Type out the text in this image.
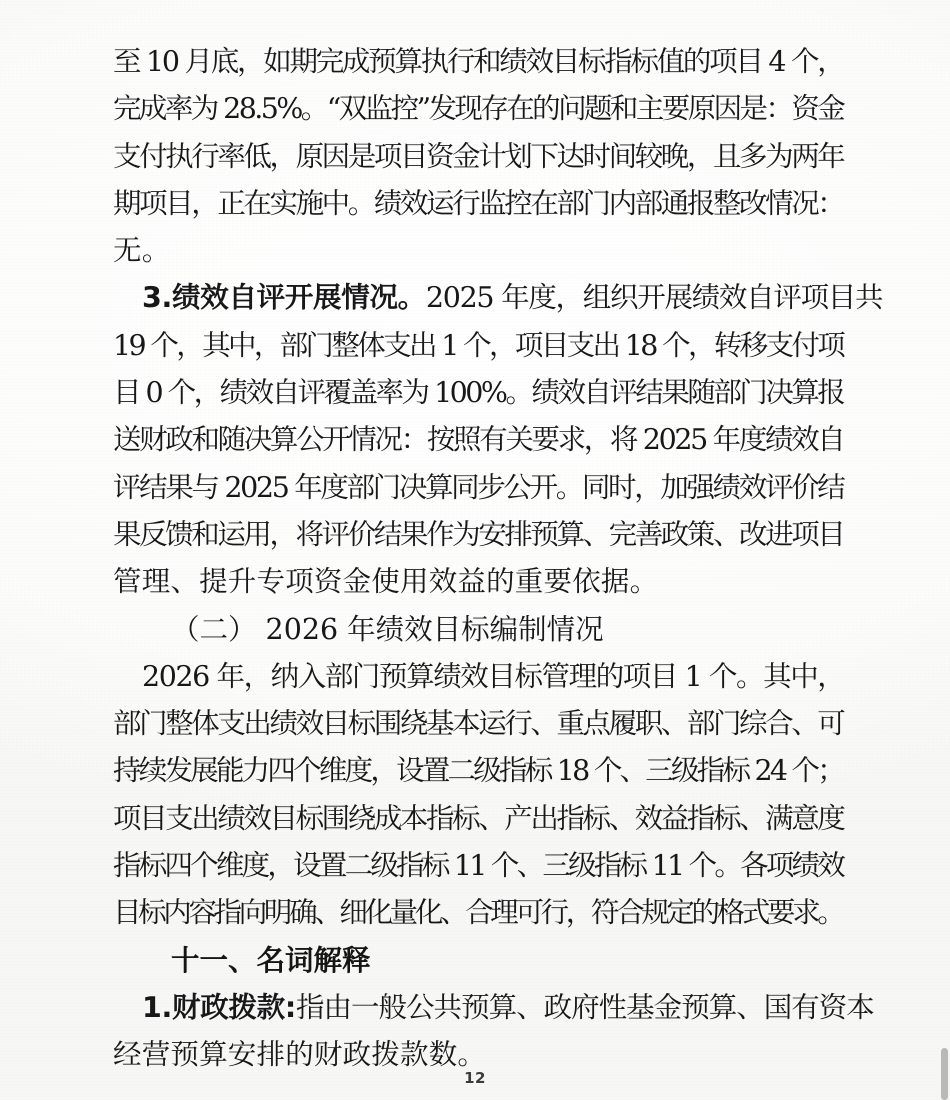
至 10 月底，如期完成预算执行和绩效目标指标值的项目 4 个，
完成率为 28.5%。“双监控”发现存在的问题和主要原因是：资金
支付执行率低，原因是项目资金计划下达时间较晚，且多为两年
期项目，正在实施中。绩效运行监控在部门内部通报整改情况：
无。
3.绩效自评开展情况。2025 年度，组织开展绩效自评项目共
19 个，其中，部门整体支出 1 个，项目支出 18 个，转移支付项
目 0 个，绩效自评覆盖率为 100%。绩效自评结果随部门决算报
送财政和随决算公开情况：按照有关要求，将 2025 年度绩效自
评结果与 2025 年度部门决算同步公开。同时，加强绩效评价结
果反馈和运用，将评价结果作为安排预算、完善政策、改进项目
管理、提升专项资金使用效益的重要依据。
（二） 2026 年绩效目标编制情况
2026 年，纳入部门预算绩效目标管理的项目 1 个。其中，
部门整体支出绩效目标围绕基本运行、重点履职、部门综合、可
持续发展能力四个维度，设置二级指标 18 个、三级指标 24 个；
项目支出绩效目标围绕成本指标、产出指标、效益指标、满意度
指标四个维度，设置二级指标 11 个、三级指标 11 个。各项绩效
目标内容指向明确、细化量化、合理可行，符合规定的格式要求。
十一、名词解释
1.财政拨款:指由一般公共预算、政府性基金预算、国有资本
经营预算安排的财政拨款数。
12
